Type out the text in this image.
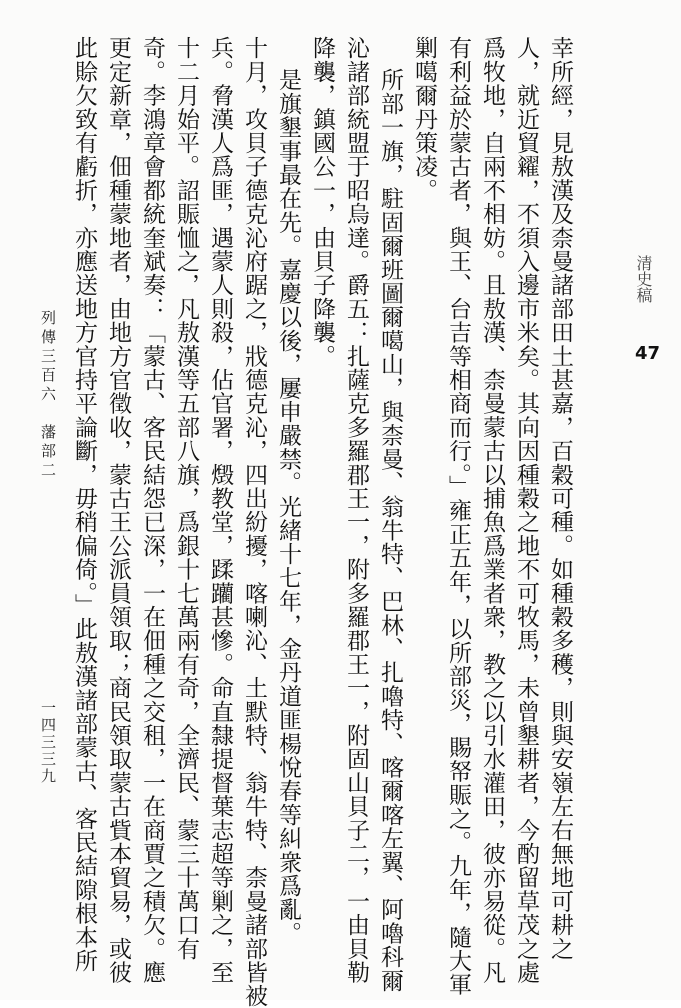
清史稿
47
幸所經，見敖漢及柰曼諸部田土甚嘉，百穀可種。如種穀多穫，則與安嶺左右無地可耕之
人，就近貿糴，不須入邊市米矣。其向因種穀之地不可牧馬，未曾墾耕者，今酌留草茂之處
爲牧地，自兩不相妨。且敖漢、柰曼蒙古以捕魚爲業者衆，教之以引水灌田，彼亦易從。凡
有利益於蒙古者，與王、台吉等相商而行。」雍正五年，以所部災，賜帑賑之。九年，隨大軍
剿噶爾丹策凌。
所部一旗，駐固爾班圖爾噶山，與柰曼、翁牛特、巴林、扎嚕特、喀爾喀左翼、阿嚕科爾
沁諸部統盟于昭烏達。爵五：扎薩克多羅郡王一，附多羅郡王一，附固山貝子二，一由貝勒
降襲，鎮國公一，由貝子降襲。
是旗墾事最在先。嘉慶以後，屢申嚴禁。光緒十七年，金丹道匪楊悅春等糾衆爲亂。
十月，攻貝子德克沁府踞之，戕德克沁，四出紛擾，喀喇沁、土默特、翁牛特、柰曼諸部皆被
兵。脅漢人爲匪，遇蒙人則殺，佔官署，燬教堂，蹂躪甚慘。命直隸提督葉志超等剿之，至
十二月始平。詔賑恤之，凡敖漢等五部八旗，爲銀十七萬兩有奇，全濟民、蒙三十萬口有
奇。李鴻章會都統奎斌奏：「蒙古、客民結怨已深，一在佃種之交租，一在商賈之積欠。應
更定新章，佃種蒙地者，由地方官徵收，蒙古王公派員領取；商民領取蒙古貲本貿易，或彼
此賒欠致有虧折，亦應送地方官持平論斷，毋稍偏倚。」此敖漢諸部蒙古、客民結隙根本所
列傳三百六　藩部二
一四三三九
